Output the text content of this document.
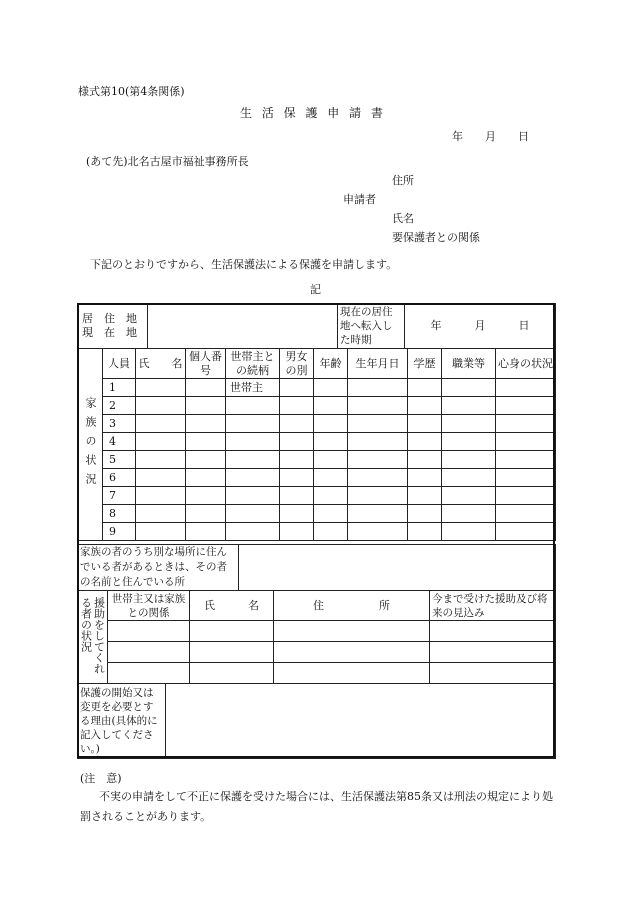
様式第10(第4条関係)
生 活 保 護 申 請 書
年　　月　　日
(あて先)北名古屋市福祉事務所長
住所
申請者
氏名
要保護者との関係
下記のとおりですから、生活保護法による保護を申請します。
記
居　住　地
現　在　地
		現在の居住地へ転入した時期	年　　　月　　　日
家族の状況	人員	氏　　名	個人番号	世帯主との続柄	男女の別	年齢	生年月日	学歴	職業等	心身の状況
	1			世帯主						
	2									
	3									
	4									
	5									
	6									
	7									
	8									
	9									
家族の者のうち別な場所に住んでいる者があるときは、その者の名前と住んでいる所	
援助をしてくれる者の状況	世帯主又は家族との関係	氏　　　名	住　　　　　所	今まで受けた援助及び将来の見込み

保護の開始又は変更を必要とする理由(具体的に記入してください。)	
(注　意)
不実の申請をして不正に保護を受けた場合には、生活保護法第85条又は刑法の規定により処罰されることがあります。
